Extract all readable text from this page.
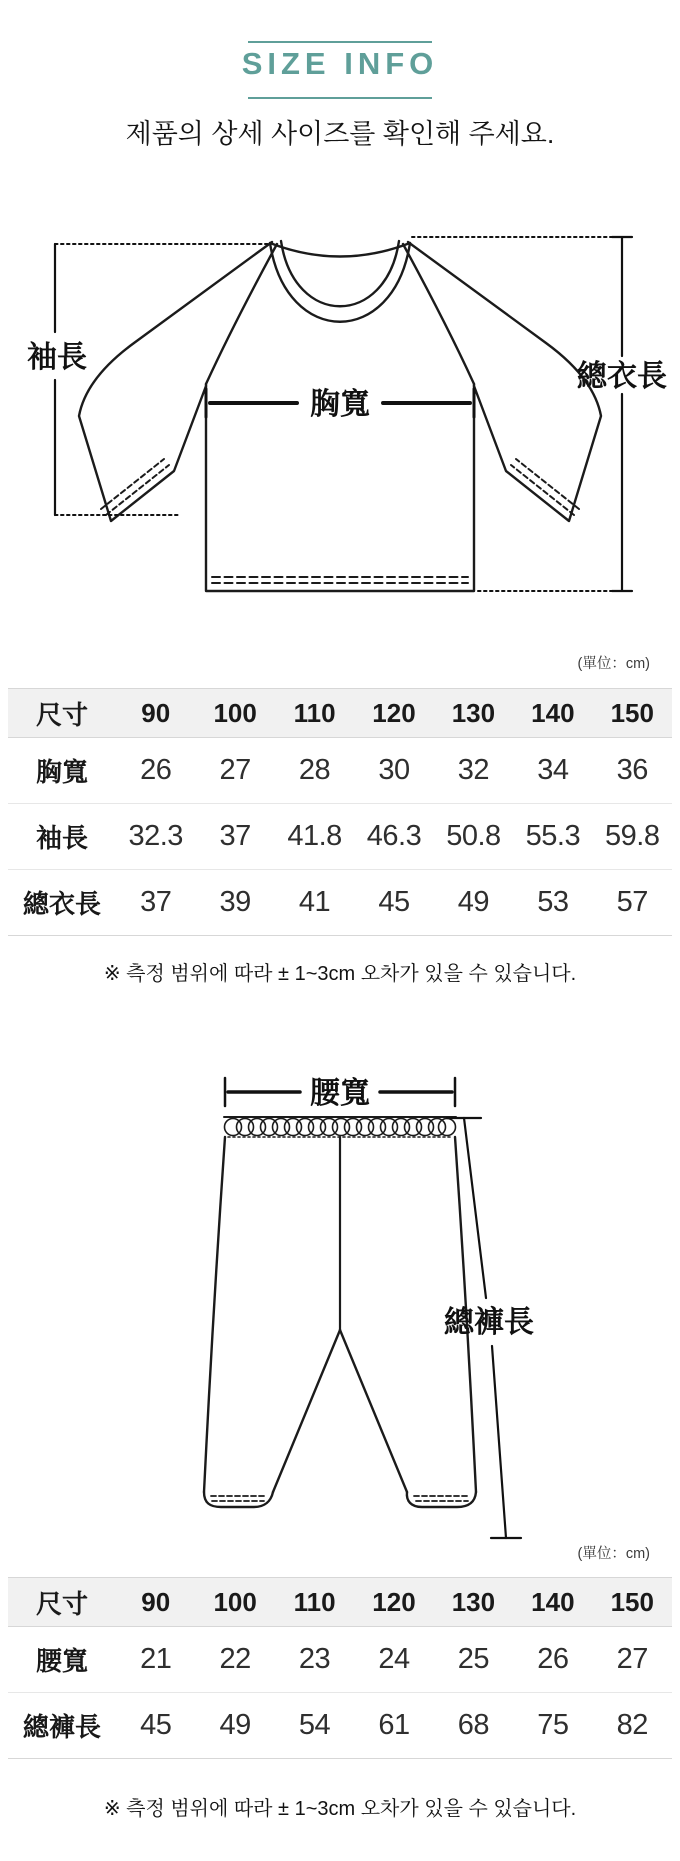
SIZE INFO
제품의 상세 사이즈를 확인해 주세요.
袖長
胸寬
總衣長
(單位：cm)
尺寸	90	100	110	120	130	140	150
胸寬	26	27	28	30	32	34	36
袖長	32.3	37	41.8 46.3 50.8 55.3 59.8
總衣長	37	39	41	45	49	53	57
※ 측정 범위에 따라 ± 1~3cm 오차가 있을 수 있습니다.
腰寬
總褲長
(單位：cm)
尺寸	90	100	110	120	130	140	150
腰寬	21	22	23	24	25	26	27
總褲長	45	49	54	61	68	75	82
※ 측정 범위에 따라 ± 1~3cm 오차가 있을 수 있습니다.
